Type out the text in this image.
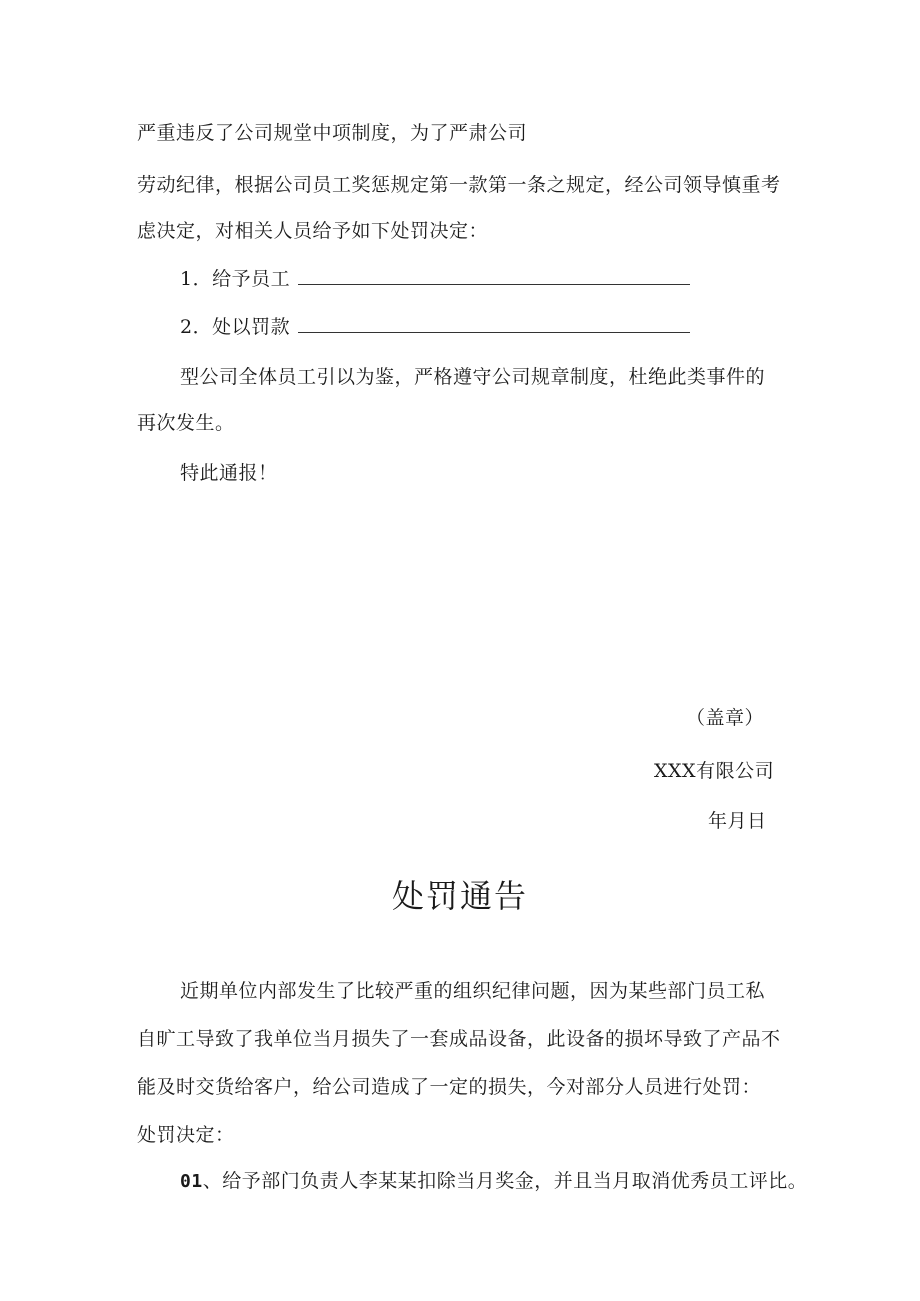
严重违反了公司规堂中项制度，为了严肃公司
劳动纪律，根据公司员工奖惩规定第一款第一条之规定，经公司领导慎重考
虑决定，对相关人员给予如下处罚决定：
1．给予员工
2．处以罚款
型公司全体员工引以为鉴，严格遵守公司规章制度，杜绝此类事件的
再次发生。
特此通报！
（盖章）
XXX有限公司
年月日
处罚通告
近期单位内部发生了比较严重的组织纪律问题，因为某些部门员工私
自旷工导致了我单位当月损失了一套成品设备，此设备的损坏导致了产品不
能及时交货给客户，给公司造成了一定的损失，今对部分人员进行处罚：
处罚决定：
01、给予部门负责人李某某扣除当月奖金，并且当月取消优秀员工评比。
